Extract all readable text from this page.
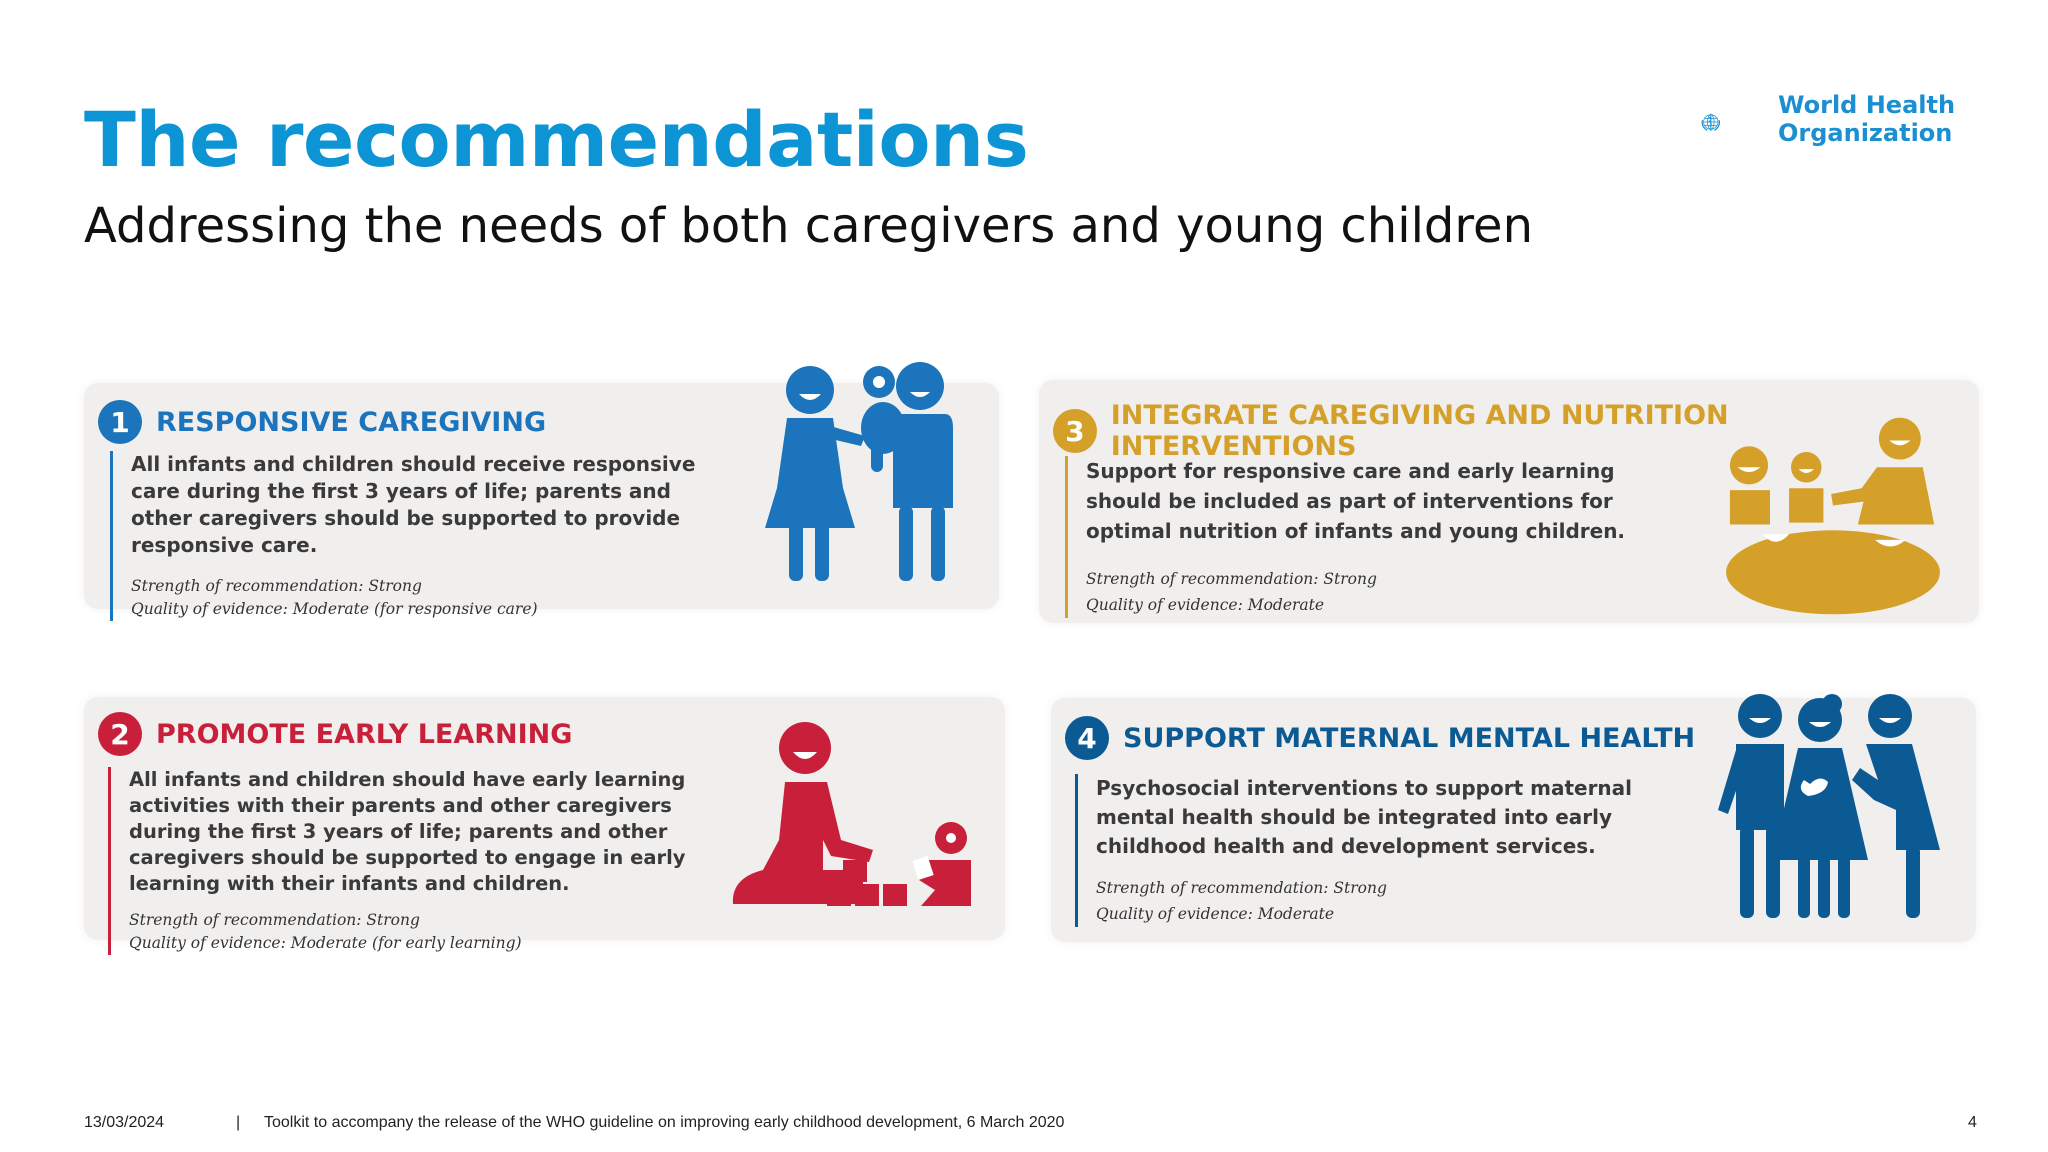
The recommendations
Addressing the needs of both caregivers and young children
World Health
Organization
1 RESPONSIVE CAREGIVING
All infants and children should receive responsive care during the first 3 years of life; parents and other caregivers should be supported to provide responsive care.
Strength of recommendation: Strong
Quality of evidence: Moderate (for responsive care)
2 PROMOTE EARLY LEARNING
All infants and children should have early learning activities with their parents and other caregivers during the first 3 years of life; parents and other caregivers should be supported to engage in early learning with their infants and children.
Strength of recommendation: Strong
Quality of evidence: Moderate (for early learning)
3 INTEGRATE CAREGIVING AND NUTRITION INTERVENTIONS
Support for responsive care and early learning should be included as part of interventions for optimal nutrition of infants and young children.
Strength of recommendation: Strong
Quality of evidence: Moderate
4 SUPPORT MATERNAL MENTAL HEALTH
Psychosocial interventions to support maternal mental health should be integrated into early childhood health and development services.
Strength of recommendation: Strong
Quality of evidence: Moderate
13/03/2024	| Toolkit to accompany the release of the WHO guideline on improving early childhood development, 6 March 2020	4
